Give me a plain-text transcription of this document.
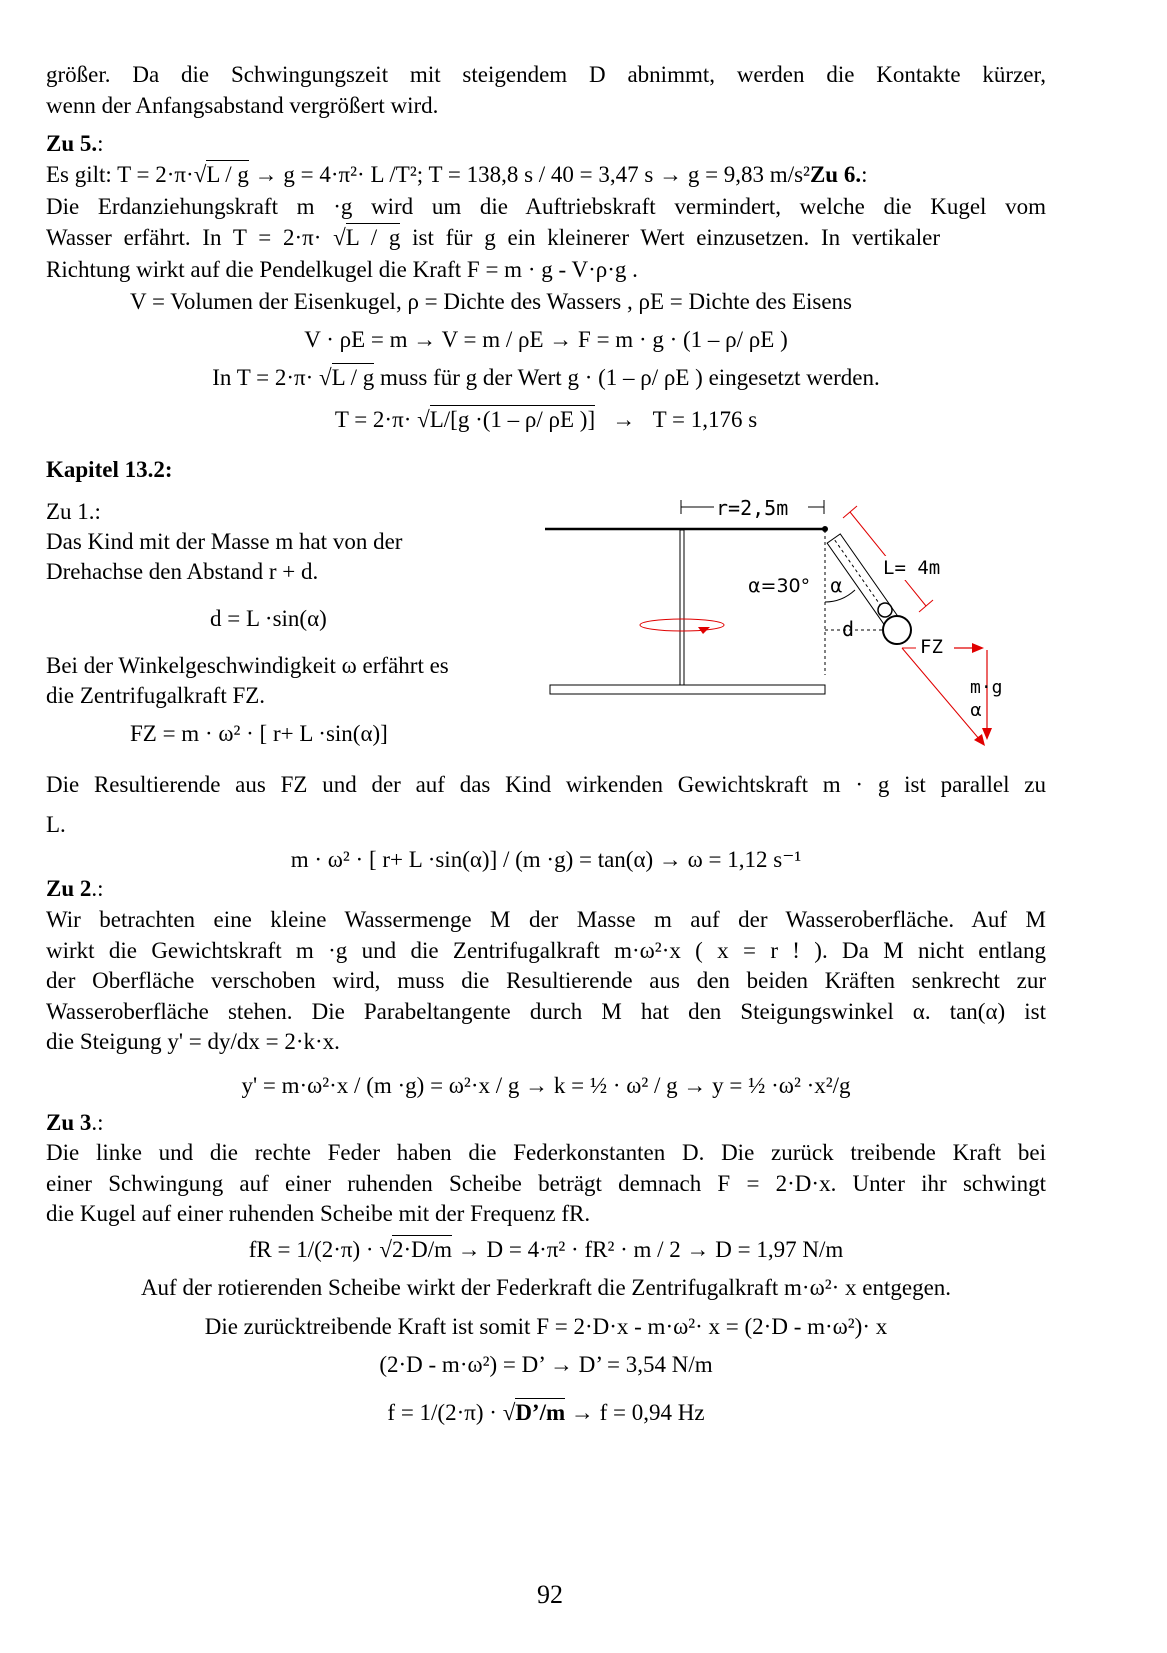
größer. Da die Schwingungszeit mit steigendem D abnimmt, werden die Kontakte kürzer,
wenn der Anfangsabstand vergrößert wird.
Zu 5.:
Es gilt: T = 2·π·√L / g → g = 4·π²· L /T²; T = 138,8 s / 40 = 3,47 s → g = 9,83 m/s²Zu 6.:
Die Erdanziehungskraft m ·g wird um die Auftriebskraft vermindert, welche die Kugel vom
Wasser erfährt. In T = 2·π· √L / g ist für g ein kleinerer Wert einzusetzen. In vertikaler
Richtung wirkt auf die Pendelkugel die Kraft F = m · g - V·ρ·g .
V = Volumen der Eisenkugel, ρ = Dichte des Wassers , ρE = Dichte des Eisens
V · ρE = m → V = m / ρE → F = m · g · (1 – ρ/ ρE )
In T = 2·π· √L / g muss für g der Wert g · (1 – ρ/ ρE ) eingesetzt werden.
T = 2·π· √L/[g ·(1 – ρ/ ρE )] → T = 1,176 s
Kapitel 13.2:
Zu 1.:
Das Kind mit der Masse m hat von der
Drehachse den Abstand r + d.
d = L ·sin(α)
Bei der Winkelgeschwindigkeit ω erfährt es
die Zentrifugalkraft FZ.
FZ = m · ω² · [ r+ L ·sin(α)]
r=2,5m
α=30° α
d
L= 4m
FZ
m·g
α
Die Resultierende aus FZ und der auf das Kind wirkenden Gewichtskraft m · g ist parallel zu
L.
m · ω² · [ r+ L ·sin(α)] / (m ·g) = tan(α) → ω = 1,12 s⁻¹
Zu 2.:
Wir betrachten eine kleine Wassermenge M der Masse m auf der Wasseroberfläche. Auf M
wirkt die Gewichtskraft m ·g und die Zentrifugalkraft m·ω²·x ( x = r ! ). Da M nicht entlang
der Oberfläche verschoben wird, muss die Resultierende aus den beiden Kräften senkrecht zur
Wasseroberfläche stehen. Die Parabeltangente durch M hat den Steigungswinkel α. tan(α) ist
die Steigung y' = dy/dx = 2·k·x.
y' = m·ω²·x / (m ·g) = ω²·x / g → k = ½ · ω² / g → y = ½ ·ω² ·x²/g
Zu 3.:
Die linke und die rechte Feder haben die Federkonstanten D. Die zurück treibende Kraft bei
einer Schwingung auf einer ruhenden Scheibe beträgt demnach F = 2·D·x. Unter ihr schwingt
die Kugel auf einer ruhenden Scheibe mit der Frequenz fR.
fR = 1/(2·π) · √2·D/m → D = 4·π² · fR² · m / 2 → D = 1,97 N/m
Auf der rotierenden Scheibe wirkt der Federkraft die Zentrifugalkraft m·ω²· x entgegen.
Die zurücktreibende Kraft ist somit F = 2·D·x - m·ω²· x = (2·D - m·ω²)· x
(2·D - m·ω²) = D’ → D’ = 3,54 N/m
f = 1/(2·π) · √D’/m → f = 0,94 Hz
92
